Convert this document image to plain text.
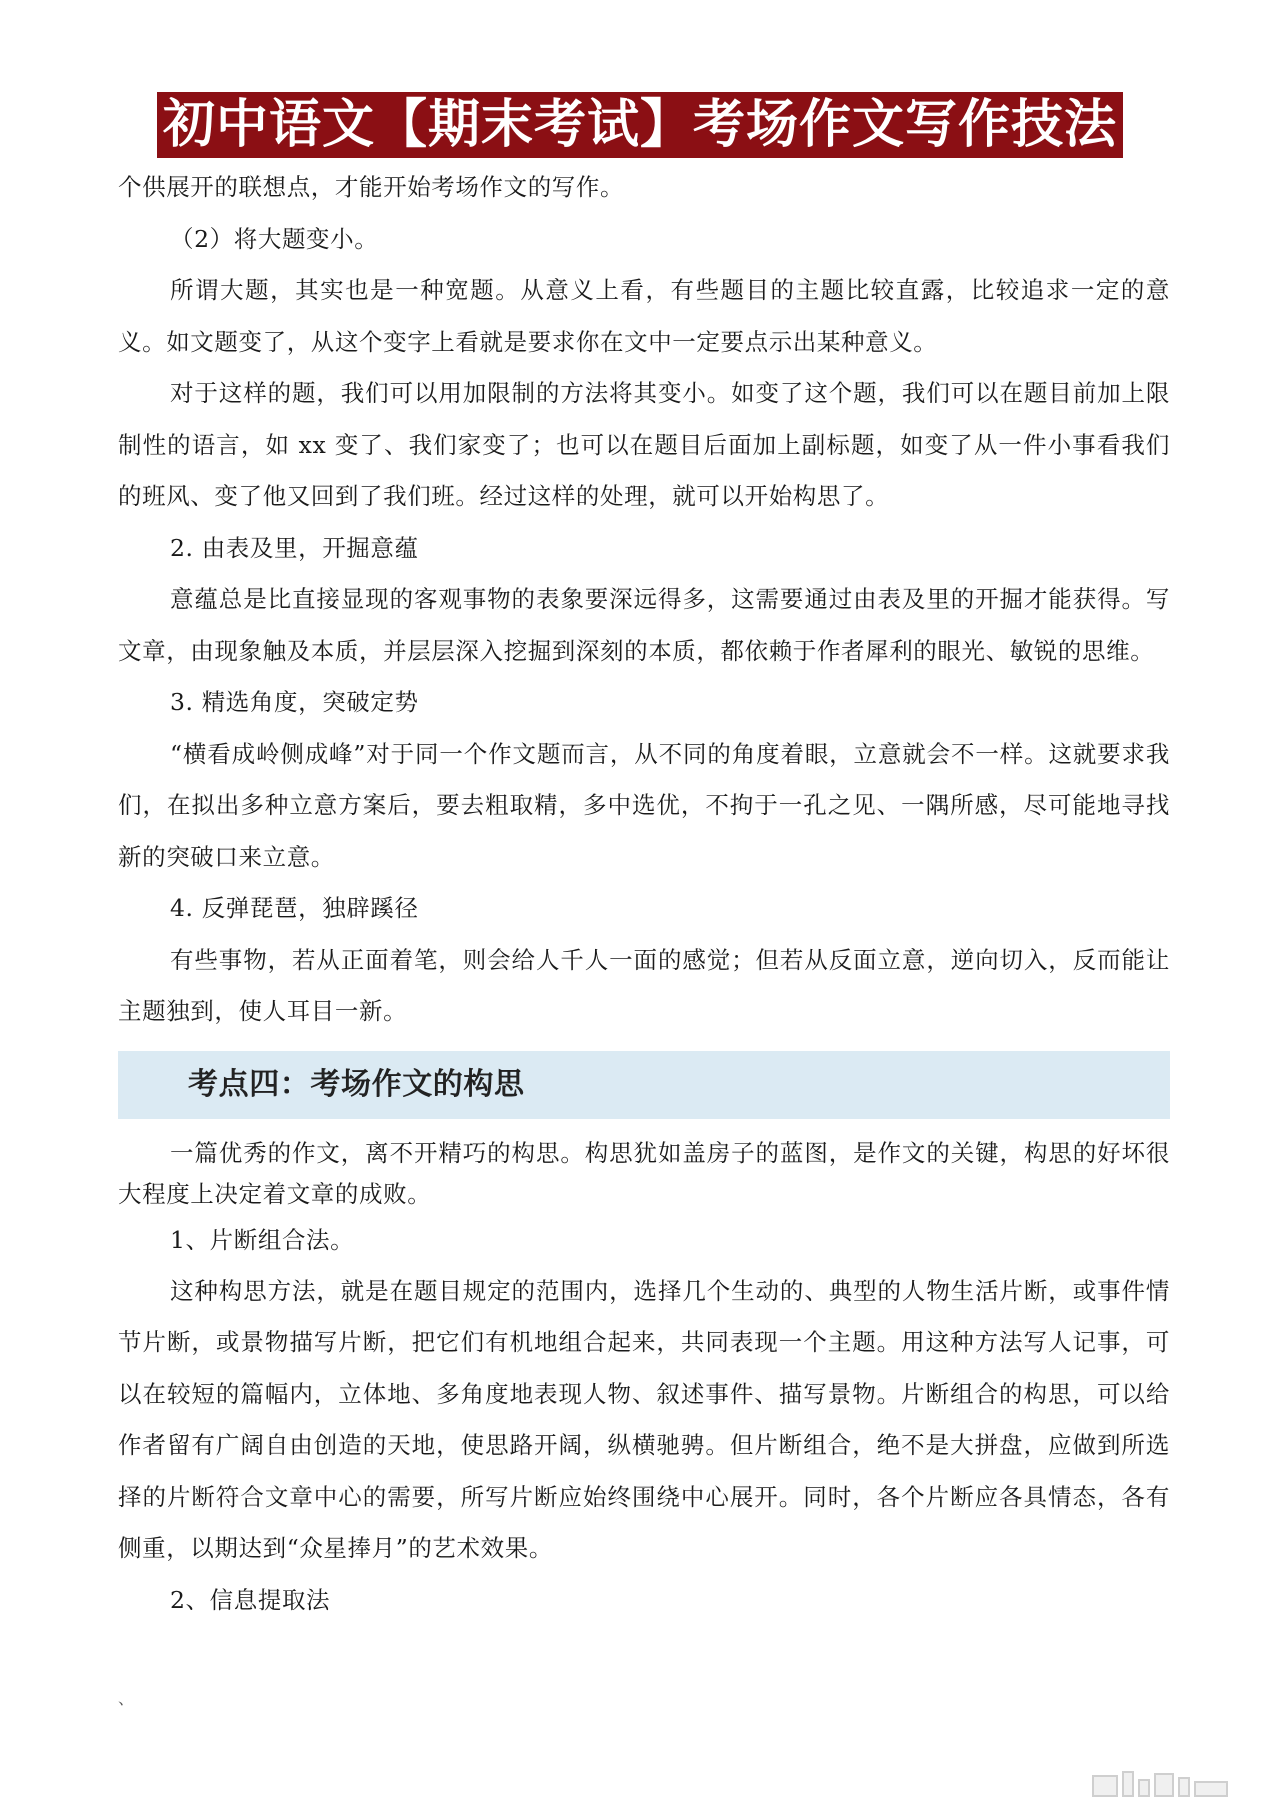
初中语文【期末考试】考场作文写作技法

个供展开的联想点，才能开始考场作文的写作。

（2）将大题变小。

所谓大题，其实也是一种宽题。从意义上看，有些题目的主题比较直露，比较追求一定的意义。如文题变了，从这个变字上看就是要求你在文中一定要点示出某种意义。

对于这样的题，我们可以用加限制的方法将其变小。如变了这个题，我们可以在题目前加上限制性的语言，如 xx 变了、我们家变了；也可以在题目后面加上副标题，如变了从一件小事看我们的班风、变了他又回到了我们班。经过这样的处理，就可以开始构思了。

2. 由表及里，开掘意蕴

意蕴总是比直接显现的客观事物的表象要深远得多，这需要通过由表及里的开掘才能获得。写文章，由现象触及本质，并层层深入挖掘到深刻的本质，都依赖于作者犀利的眼光、敏锐的思维。

3. 精选角度，突破定势

“横看成岭侧成峰”对于同一个作文题而言，从不同的角度着眼，立意就会不一样。这就要求我们，在拟出多种立意方案后，要去粗取精，多中选优，不拘于一孔之见、一隅所感，尽可能地寻找新的突破口来立意。

4. 反弹琵琶，独辟蹊径

有些事物，若从正面着笔，则会给人千人一面的感觉；但若从反面立意，逆向切入，反而能让主题独到，使人耳目一新。

考点四：考场作文的构思

一篇优秀的作文，离不开精巧的构思。构思犹如盖房子的蓝图，是作文的关键，构思的好坏很大程度上决定着文章的成败。

1、片断组合法。

这种构思方法，就是在题目规定的范围内，选择几个生动的、典型的人物生活片断，或事件情节片断，或景物描写片断，把它们有机地组合起来，共同表现一个主题。用这种方法写人记事，可以在较短的篇幅内，立体地、多角度地表现人物、叙述事件、描写景物。片断组合的构思，可以给作者留有广阔自由创造的天地，使思路开阔，纵横驰骋。但片断组合，绝不是大拼盘，应做到所选择的片断符合文章中心的需要，所写片断应始终围绕中心展开。同时，各个片断应各具情态，各有侧重，以期达到“众星捧月”的艺术效果。

2、信息提取法

、
